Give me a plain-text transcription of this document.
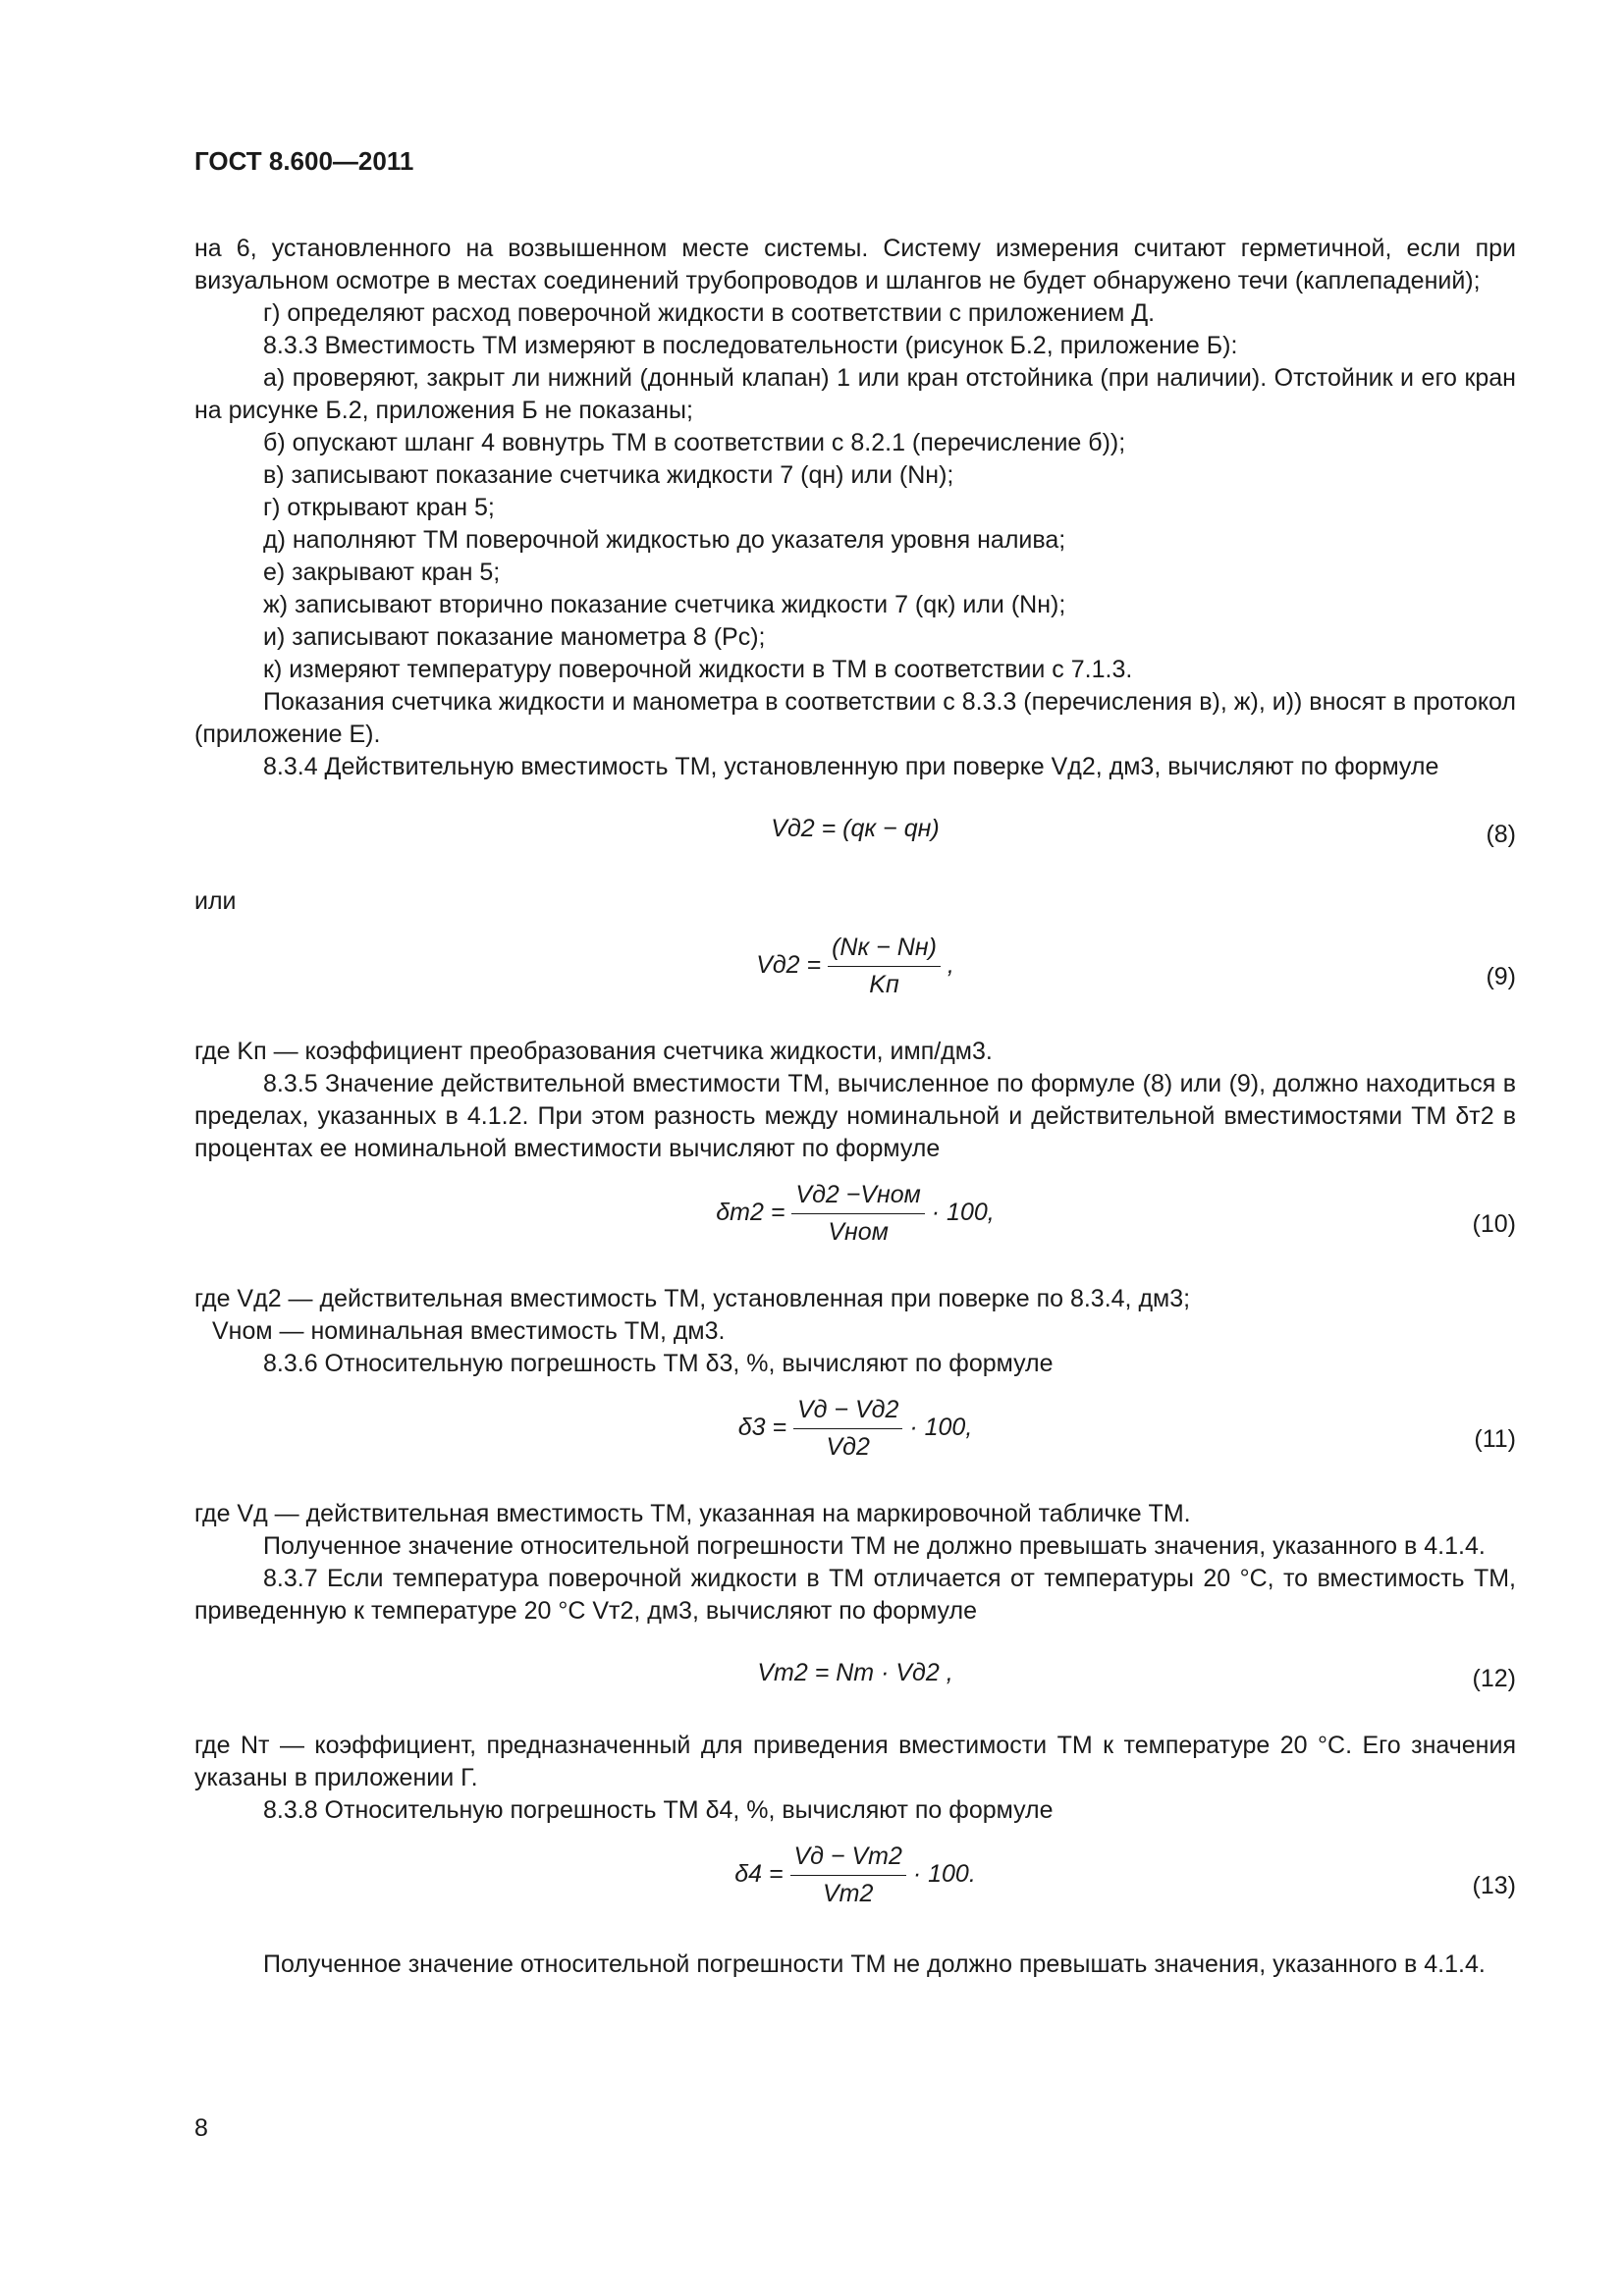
ГОСТ 8.600—2011

на 6, установленного на возвышенном месте системы. Систему измерения считают герметичной, если при визуальном осмотре в местах соединений трубопроводов и шлангов не будет обнаружено течи (каплепадений);

г) определяют расход поверочной жидкости в соответствии с приложением Д.

8.3.3 Вместимость ТМ измеряют в последовательности (рисунок Б.2, приложение Б):

а) проверяют, закрыт ли нижний (донный клапан) 1 или кран отстойника (при наличии). Отстойник и его кран на рисунке Б.2, приложения Б не показаны;

б) опускают шланг 4 вовнутрь ТМ в соответствии с 8.2.1 (перечисление б));

в) записывают показание счетчика жидкости 7 (qн) или (Nн);

г) открывают кран 5;

д) наполняют ТМ поверочной жидкостью до указателя уровня налива;

е) закрывают кран 5;

ж) записывают вторично показание счетчика жидкости 7 (qк) или (Nн);

и) записывают показание манометра 8 (Pс);

к) измеряют температуру поверочной жидкости в ТМ в соответствии с 7.1.3.

Показания счетчика жидкости и манометра в соответствии с 8.3.3 (перечисления в), ж), и)) вносят в протокол (приложение Е).

8.3.4 Действительную вместимость ТМ, установленную при поверке Vд2, дм3, вычисляют по формуле

Vд2 = (qк − qн)	(8)

или

$Vд2 = \frac{(Nк - Nн)}{Kп}$ ,	(9)

где Kп — коэффициент преобразования счетчика жидкости, имп/дм3.

8.3.5 Значение действительной вместимости ТМ, вычисленное по формуле (8) или (9), должно находиться в пределах, указанных в 4.1.2. При этом разность между номинальной и действительной вместимостями ТМ δт2 в процентах ее номинальной вместимости вычисляют по формуле

$\delta т2 = \frac{\text{Vд2 −Vном}}{\text{Vном}} \cdot 100$,	(10)

где Vд2 — действительная вместимость ТМ, установленная при поверке по 8.3.4, дм3;

Vном — номинальная вместимость ТМ, дм3.

8.3.6 Относительную погрешность ТМ δ3, %, вычисляют по формуле

$\delta 3 = \frac{Vд - Vд2}{Vд2} \cdot 100$,	(11)

где Vд — действительная вместимость ТМ, указанная на маркировочной табличке ТМ.

Полученное значение относительной погрешности ТМ не должно превышать значения, указанного в 4.1.4.

8.3.7 Если температура поверочной жидкости в ТМ отличается от температуры 20 °С, то вместимость ТМ, приведенную к температуре 20 °С Vт2, дм3, вычисляют по формуле

Vт2 = Nт · Vд2 ,	(12)

где Nт — коэффициент, предназначенный для приведения вместимости ТМ к температуре 20 °С. Его значения указаны в приложении Г.

8.3.8 Относительную погрешность ТМ δ4, %, вычисляют по формуле

$\delta 4 = \frac{Vд - Vт2}{Vт2} \cdot 100$.	(13)

Полученное значение относительной погрешности ТМ не должно превышать значения, указанного в 4.1.4.

8
